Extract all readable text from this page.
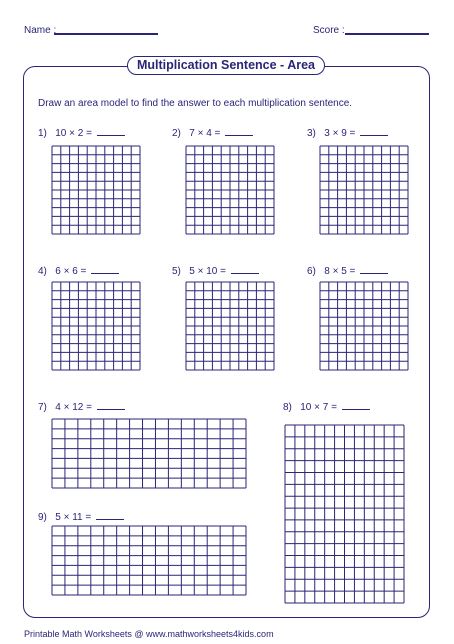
Name :	Score :
Multiplication Sentence - Area
Draw an area model to find the answer to each multiplication sentence.
1) 10 × 2 =	2) 7 × 4 =	3) 3 × 9 =
4) 6 × 6 =	5) 5 × 10 =	6) 8 × 5 =
7) 4 × 12 =	8) 10 × 7 =
9) 5 × 11 =
Printable Math Worksheets @ www.mathworksheets4kids.com
